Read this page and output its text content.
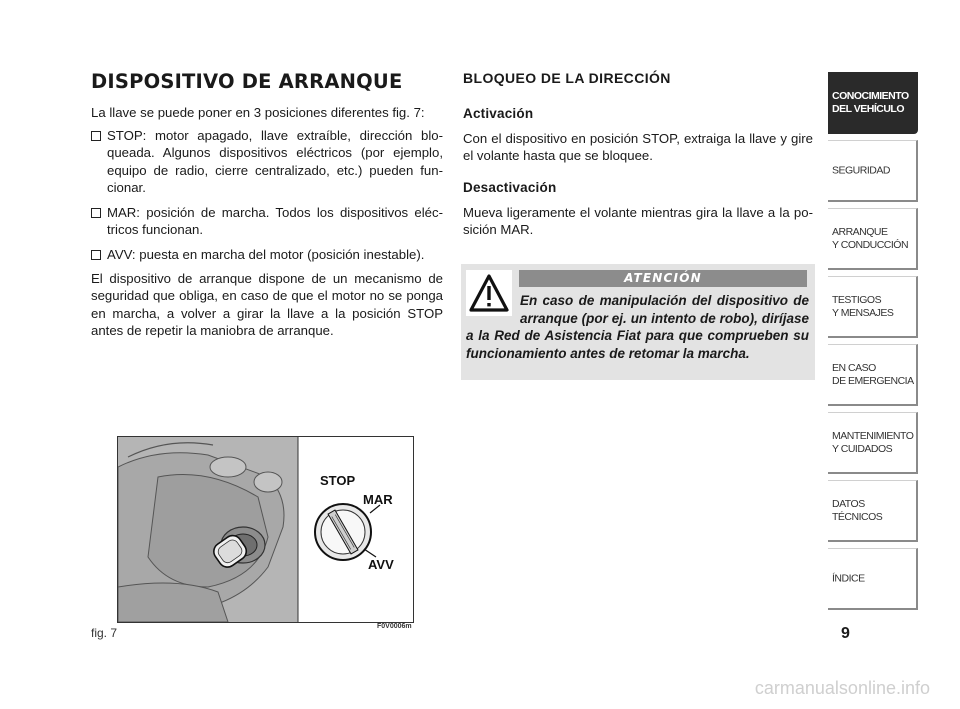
DISPOSITIVO DE ARRANQUE
La llave se puede poner en 3 posiciones diferentes fig. 7:
STOP: motor apagado, llave extraíble, dirección bloqueada. Algunos dispositivos eléctricos (por ejemplo, equipo de radio, cierre centralizado, etc.) pueden funcionar.
MAR: posición de marcha. Todos los dispositivos eléctricos funcionan.
AVV: puesta en marcha del motor (posición inestable).
El dispositivo de arranque dispone de un mecanismo de seguridad que obliga, en caso de que el motor no se ponga en marcha, a volver a girar la llave a la posición STOP antes de repetir la maniobra de arranque.
BLOQUEO DE LA DIRECCIÓN
Activación
Con el dispositivo en posición STOP, extraiga la llave y gire el volante hasta que se bloquee.
Desactivación
Mueva ligeramente el volante mientras gira la llave a la posición MAR.
ATENCIÓN
En caso de manipulación del dispositivo de arranque (por ej. un intento de robo), diríjase a la Red de Asistencia Fiat para que comprueben su funcionamiento antes de retomar la marcha.
STOP
MAR
AVV
F0V0006m
fig. 7
CONOCIMIENTO
DEL VEHÍCULO
SEGURIDAD
ARRANQUE
Y CONDUCCIÓN
TESTIGOS
Y MENSAJES
EN CASO
DE EMERGENCIA
MANTENIMIENTO
Y CUIDADOS
DATOS TÉCNICOS
ÍNDICE
9
carmanualsonline.info
